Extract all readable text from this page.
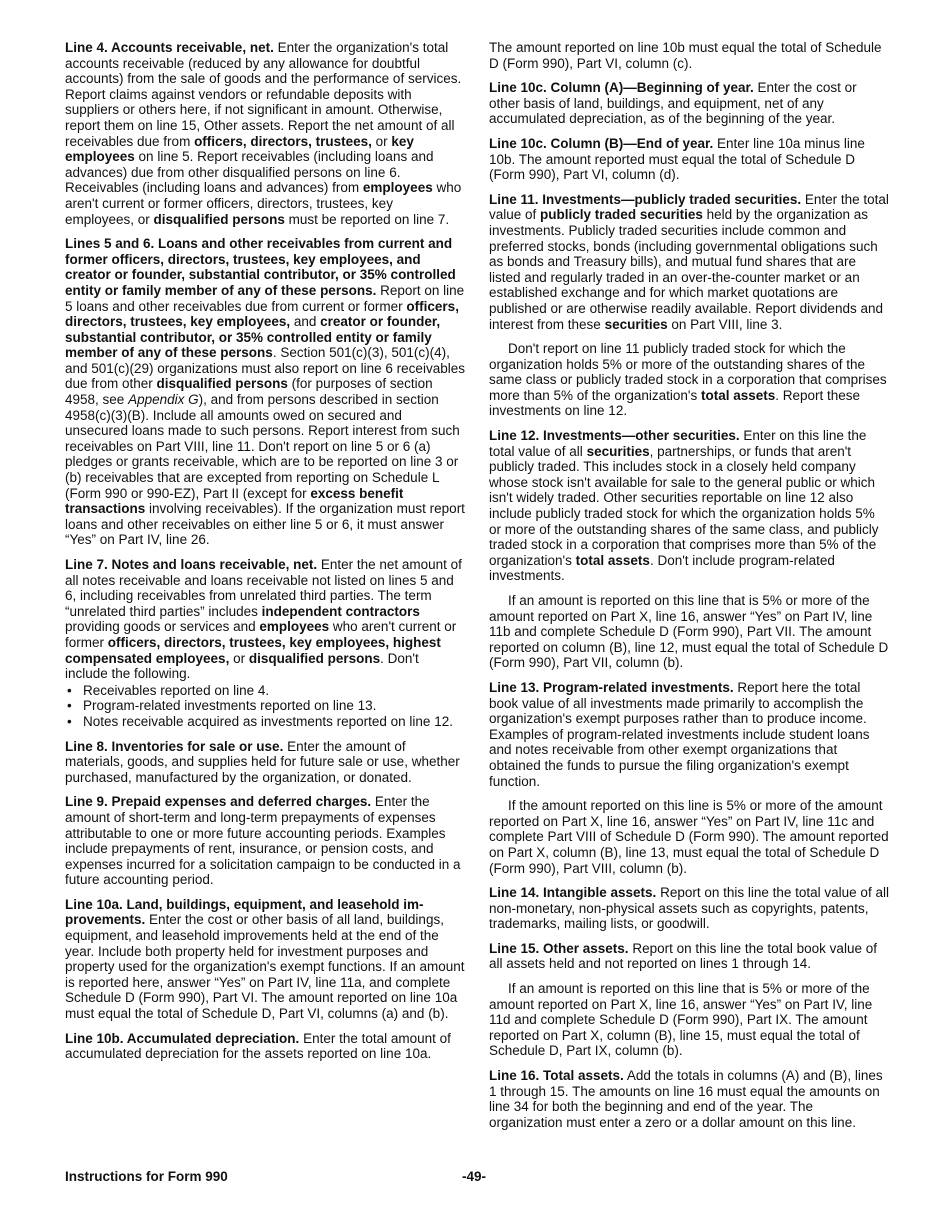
Line 4. Accounts receivable, net. Enter the organization's total accounts receivable (reduced by any allowance for doubtful accounts) from the sale of goods and the performance of services. Report claims against vendors or refundable deposits with suppliers or others here, if not significant in amount. Otherwise, report them on line 15, Other assets. Report the net amount of all receivables due from officers, directors, trustees, or key employees on line 5. Report receivables (including loans and advances) due from other disqualified persons on line 6. Receivables (including loans and advances) from employees who aren't current or former officers, directors, trustees, key employees, or disqualified persons must be reported on line 7.

Lines 5 and 6. Loans and other receivables from current and former officers, directors, trustees, key employees, and creator or founder, substantial contributor, or 35% controlled entity or family member of any of these persons. Report on line 5 loans and other receivables due from current or former officers, directors, trustees, key employees, and creator or founder, substantial contributor, or 35% controlled entity or family member of any of these persons. Section 501(c)(3), 501(c)(4), and 501(c)(29) organizations must also report on line 6 receivables due from other disqualified persons (for purposes of section 4958, see Appendix G), and from persons described in section 4958(c)(3)(B). Include all amounts owed on secured and unsecured loans made to such persons. Report interest from such receivables on Part VIII, line 11. Don't report on line 5 or 6 (a) pledges or grants receivable, which are to be reported on line 3 or (b) receivables that are excepted from reporting on Schedule L (Form 990 or 990-EZ), Part II (except for excess benefit transactions involving receivables). If the organization must report loans and other receivables on either line 5 or 6, it must answer “Yes” on Part IV, line 26.

Line 7. Notes and loans receivable, net. Enter the net amount of all notes receivable and loans receivable not listed on lines 5 and 6, including receivables from unrelated third parties. The term “unrelated third parties” includes independent contractors providing goods or services and employees who aren't current or former officers, directors, trustees, key employees, highest compensated employees, or disqualified persons. Don't include the following.

• Receivables reported on line 4.
• Program-related investments reported on line 13.
• Notes receivable acquired as investments reported on line 12.

Line 8. Inventories for sale or use. Enter the amount of materials, goods, and supplies held for future sale or use, whether purchased, manufactured by the organization, or donated.

Line 9. Prepaid expenses and deferred charges. Enter the amount of short-term and long-term prepayments of expenses attributable to one or more future accounting periods. Examples include prepayments of rent, insurance, or pension costs, and expenses incurred for a solicitation campaign to be conducted in a future accounting period.

Line 10a. Land, buildings, equipment, and leasehold im-provements. Enter the cost or other basis of all land, buildings, equipment, and leasehold improvements held at the end of the year. Include both property held for investment purposes and property used for the organization's exempt functions. If an amount is reported here, answer “Yes” on Part IV, line 11a, and complete Schedule D (Form 990), Part VI. The amount reported on line 10a must equal the total of Schedule D, Part VI, columns (a) and (b).

Line 10b. Accumulated depreciation. Enter the total amount of accumulated depreciation for the assets reported on line 10a.

The amount reported on line 10b must equal the total of Schedule D (Form 990), Part VI, column (c).

Line 10c. Column (A)—Beginning of year. Enter the cost or other basis of land, buildings, and equipment, net of any accumulated depreciation, as of the beginning of the year.

Line 10c. Column (B)—End of year. Enter line 10a minus line 10b. The amount reported must equal the total of Schedule D (Form 990), Part VI, column (d).

Line 11. Investments—publicly traded securities. Enter the total value of publicly traded securities held by the organization as investments. Publicly traded securities include common and preferred stocks, bonds (including governmental obligations such as bonds and Treasury bills), and mutual fund shares that are listed and regularly traded in an over-the-counter market or an established exchange and for which market quotations are published or are otherwise readily available. Report dividends and interest from these securities on Part VIII, line 3.

Don't report on line 11 publicly traded stock for which the organization holds 5% or more of the outstanding shares of the same class or publicly traded stock in a corporation that comprises more than 5% of the organization's total assets. Report these investments on line 12.

Line 12. Investments—other securities. Enter on this line the total value of all securities, partnerships, or funds that aren't publicly traded. This includes stock in a closely held company whose stock isn't available for sale to the general public or which isn't widely traded. Other securities reportable on line 12 also include publicly traded stock for which the organization holds 5% or more of the outstanding shares of the same class, and publicly traded stock in a corporation that comprises more than 5% of the organization's total assets. Don't include program-related investments.

If an amount is reported on this line that is 5% or more of the amount reported on Part X, line 16, answer “Yes” on Part IV, line 11b and complete Schedule D (Form 990), Part VII. The amount reported on column (B), line 12, must equal the total of Schedule D (Form 990), Part VII, column (b).

Line 13. Program-related investments. Report here the total book value of all investments made primarily to accomplish the organization's exempt purposes rather than to produce income. Examples of program-related investments include student loans and notes receivable from other exempt organizations that obtained the funds to pursue the filing organization's exempt function.

If the amount reported on this line is 5% or more of the amount reported on Part X, line 16, answer “Yes” on Part IV, line 11c and complete Part VIII of Schedule D (Form 990). The amount reported on Part X, column (B), line 13, must equal the total of Schedule D (Form 990), Part VIII, column (b).

Line 14. Intangible assets. Report on this line the total value of all non-monetary, non-physical assets such as copyrights, patents, trademarks, mailing lists, or goodwill.

Line 15. Other assets. Report on this line the total book value of all assets held and not reported on lines 1 through 14.

If an amount is reported on this line that is 5% or more of the amount reported on Part X, line 16, answer “Yes” on Part IV, line 11d and complete Schedule D (Form 990), Part IX. The amount reported on Part X, column (B), line 15, must equal the total of Schedule D, Part IX, column (b).

Line 16. Total assets. Add the totals in columns (A) and (B), lines 1 through 15. The amounts on line 16 must equal the amounts on line 34 for both the beginning and end of the year. The organization must enter a zero or a dollar amount on this line.

Instructions for Form 990	-49-
